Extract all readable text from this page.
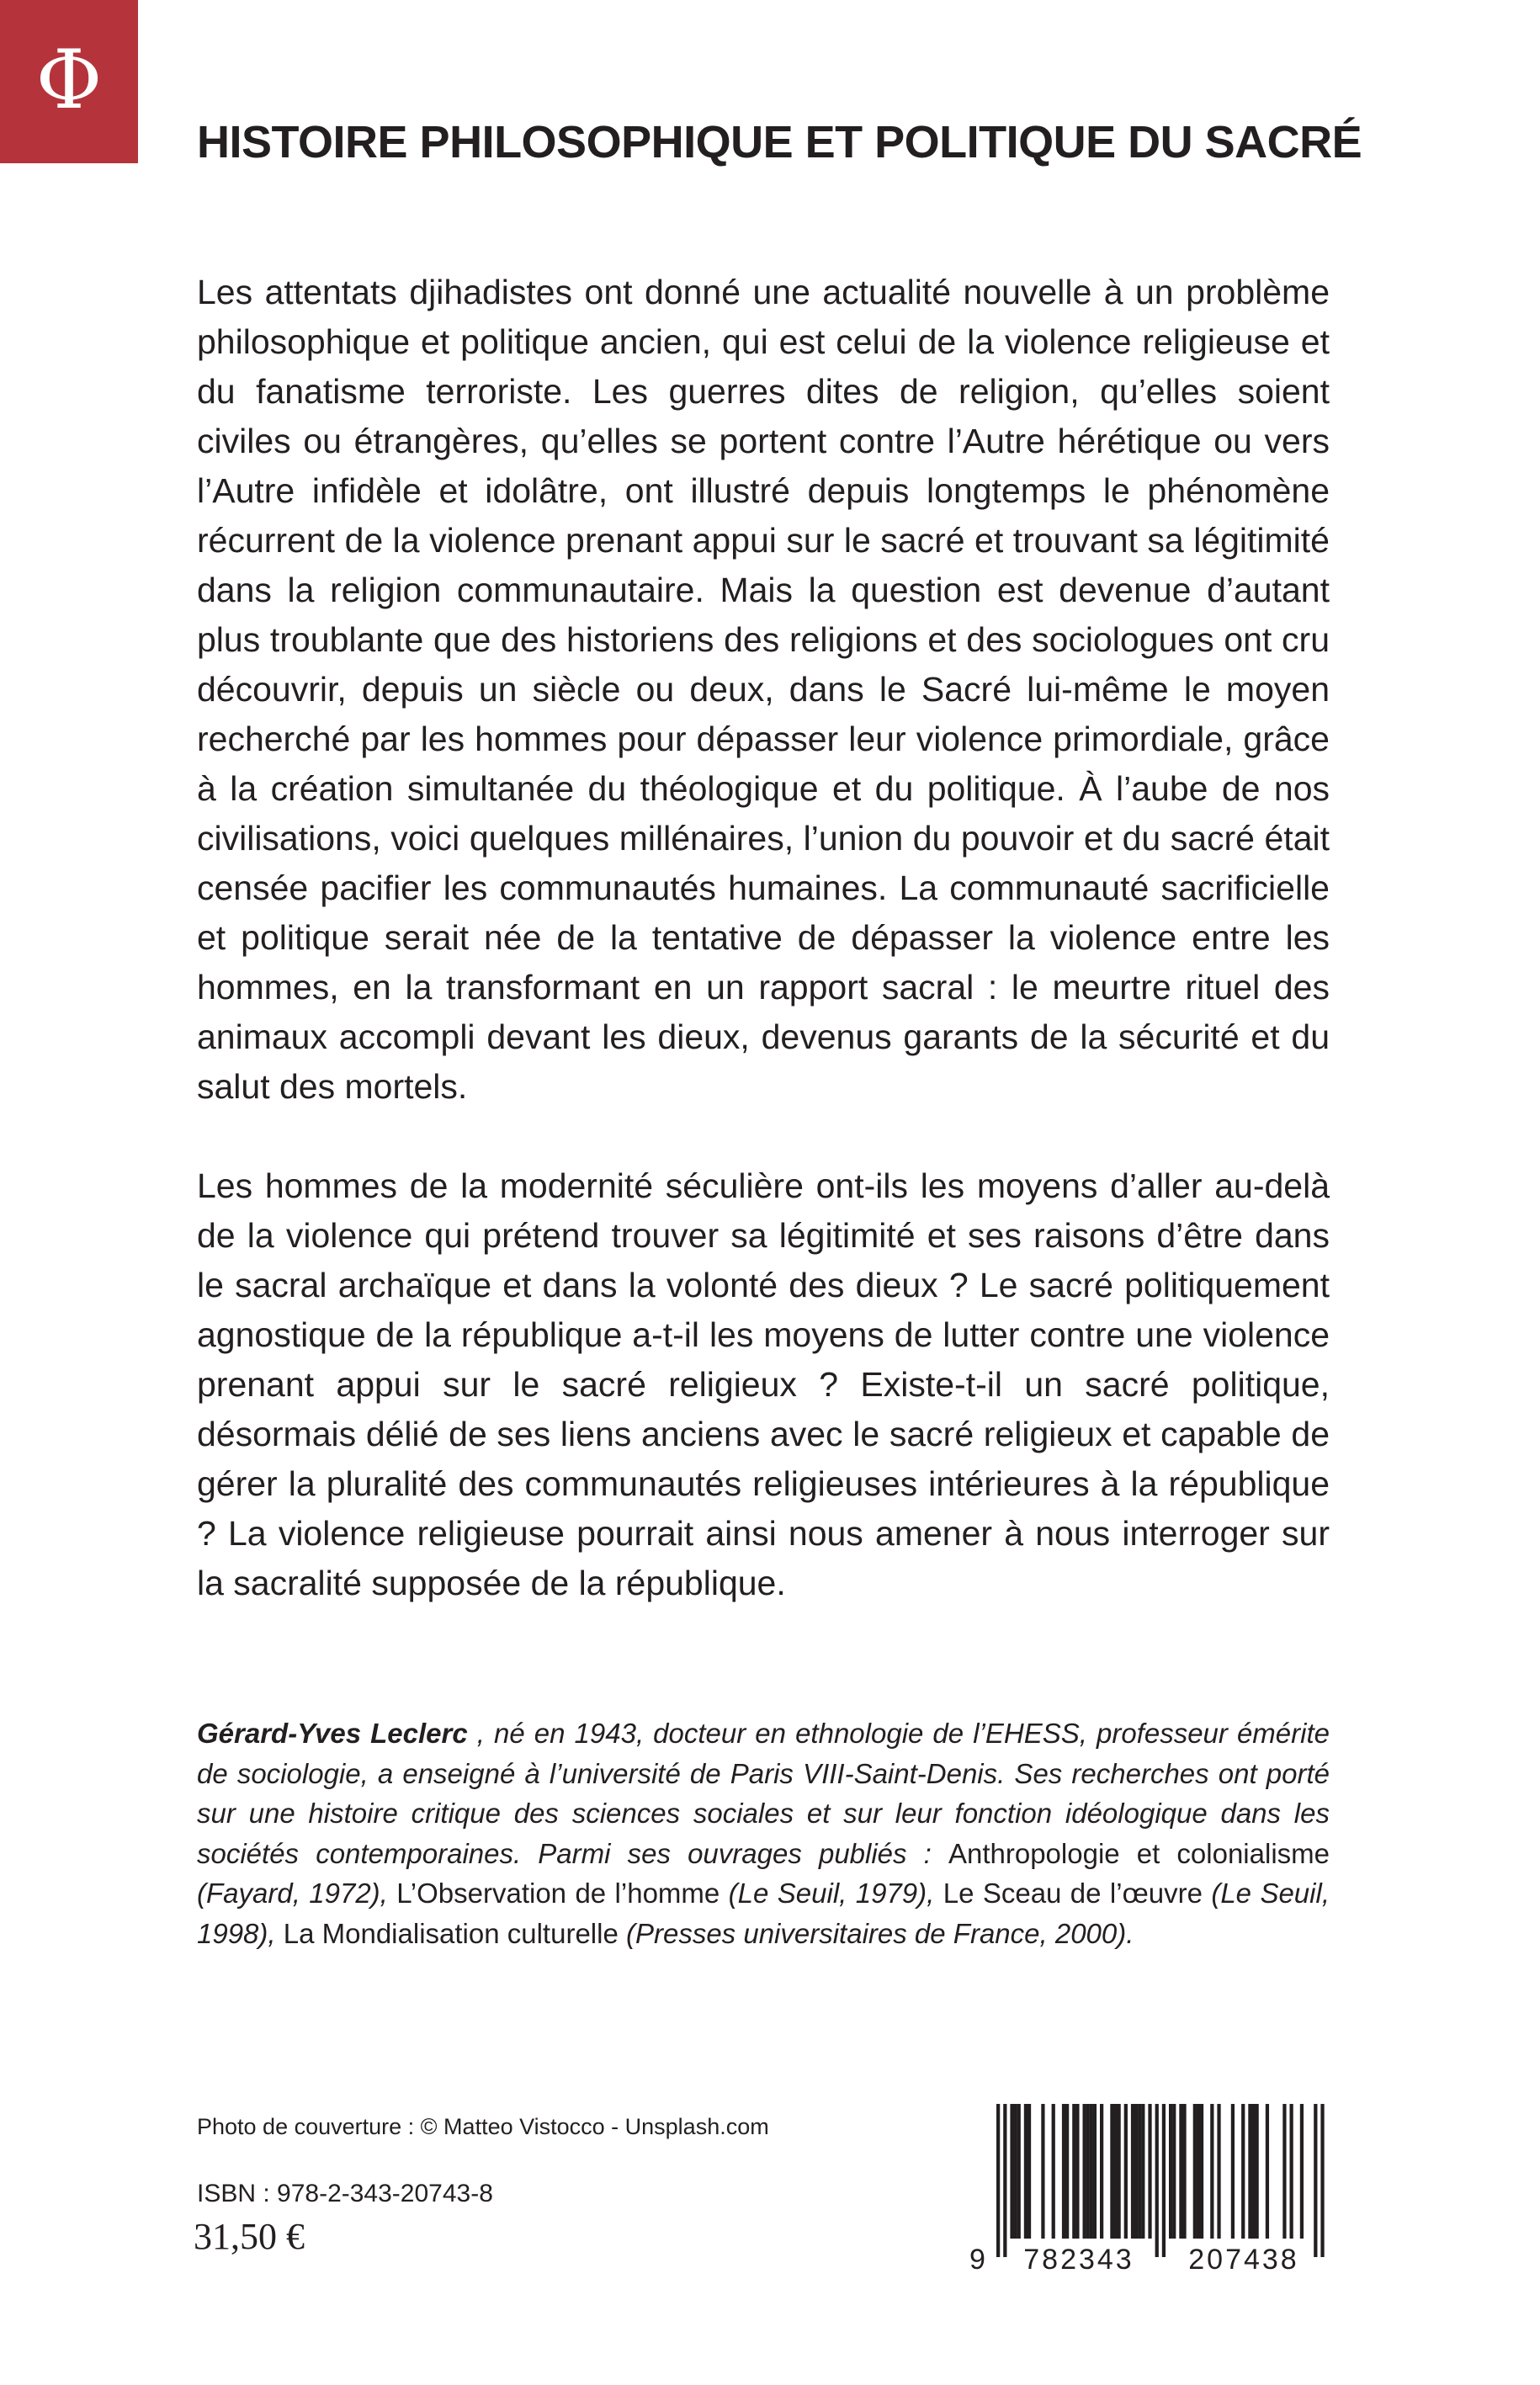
Φ
HISTOIRE PHILOSOPHIQUE ET POLITIQUE DU SACRÉ

Les attentats djihadistes ont donné une actualité nouvelle à un problème philosophique et politique ancien, qui est celui de la violence religieuse et du fanatisme terroriste. Les guerres dites de religion, qu’elles soient civiles ou étrangères, qu’elles se portent contre l’Autre hérétique ou vers l’Autre infidèle et idolâtre, ont illustré depuis longtemps le phénomène récurrent de la violence prenant appui sur le sacré et trouvant sa légitimité dans la religion communautaire. Mais la question est devenue d’autant plus troublante que des historiens des religions et des sociologues ont cru découvrir, depuis un siècle ou deux, dans le Sacré lui-même le moyen recherché par les hommes pour dépasser leur violence primordiale, grâce à la création simultanée du théologique et du politique. À l’aube de nos civilisations, voici quelques millénaires, l’union du pouvoir et du sacré était censée pacifier les communautés humaines. La communauté sacrificielle et politique serait née de la tentative de dépasser la violence entre les hommes, en la transformant en un rapport sacral : le meurtre rituel des animaux accompli devant les dieux, devenus garants de la sécurité et du salut des mortels.

Les hommes de la modernité séculière ont-ils les moyens d’aller au-delà de la violence qui prétend trouver sa légitimité et ses raisons d’être dans le sacral archaïque et dans la volonté des dieux ? Le sacré politiquement agnostique de la république a-t-il les moyens de lutter contre une violence prenant appui sur le sacré religieux ? Existe-t-il un sacré politique, désormais délié de ses liens anciens avec le sacré religieux et capable de gérer la pluralité des communautés religieuses intérieures à la république ? La violence religieuse pourrait ainsi nous amener à nous interroger sur la sacralité supposée de la république.

Gérard-Yves Leclerc , né en 1943, docteur en ethnologie de l’EHESS, professeur émérite de sociologie, a enseigné à l’université de Paris VIII-Saint-Denis. Ses recherches ont porté sur une histoire critique des sciences sociales et sur leur fonction idéologique dans les sociétés contemporaines. Parmi ses ouvrages publiés : Anthropologie et colonialisme (Fayard, 1972), L’Observation de l’homme (Le Seuil, 1979), Le Sceau de l’œuvre (Le Seuil, 1998), La Mondialisation culturelle (Presses universitaires de France, 2000).

Photo de couverture : © Matteo Vistocco - Unsplash.com
ISBN : 978-2-343-20743-8
31,50 €
9 782343 207438
